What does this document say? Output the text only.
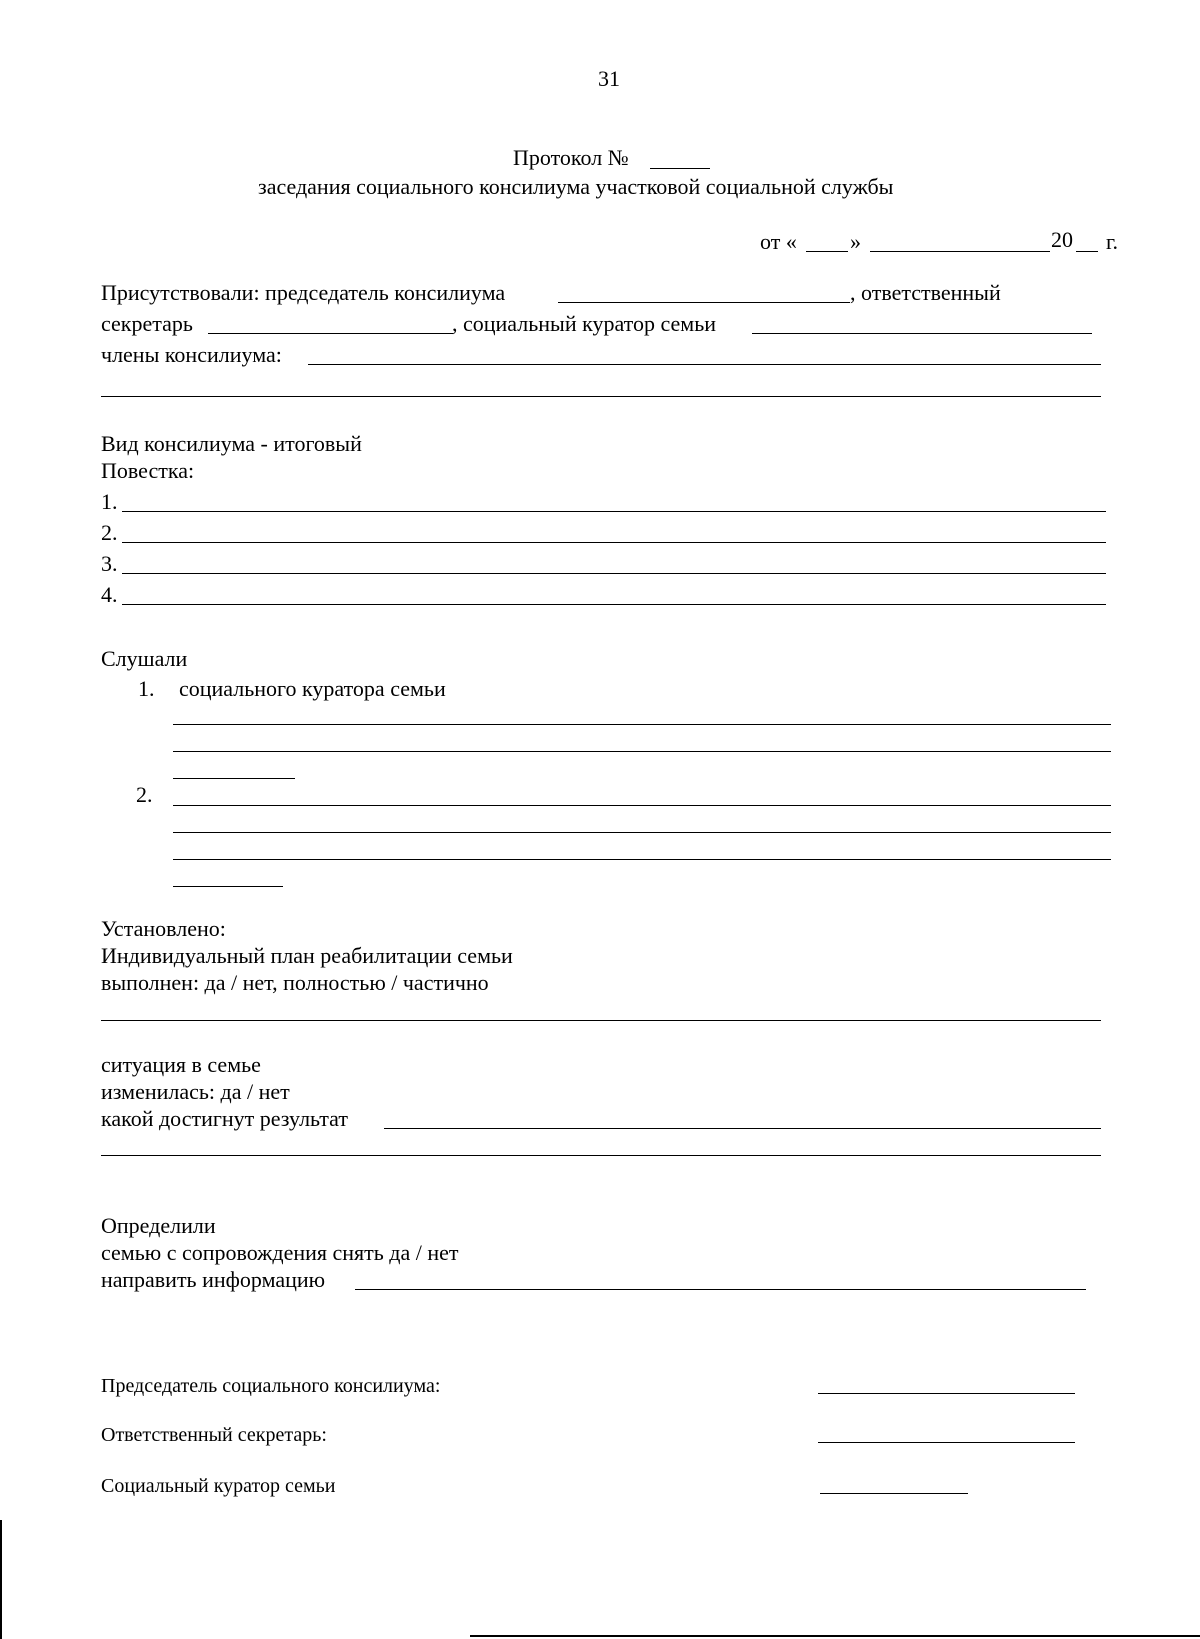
31
Протокол №
заседания социального консилиума участковой социальной службы
от « »	20 г.
Присутствовали: председатель консилиума	, ответственный
секретарь	, социальный куратор семьи
члены консилиума:
Вид консилиума - итоговый
Повестка:
1.
2.
3.
4.
Слушали
1. социального куратора семьи
2.
Установлено:
Индивидуальный план реабилитации семьи
выполнен: да / нет, полностью / частично
ситуация в семье
изменилась: да / нет
какой достигнут результат
Определили
семью с сопровождения снять да / нет
направить информацию
Председатель социального консилиума:
Ответственный секретарь:
Социальный куратор семьи
